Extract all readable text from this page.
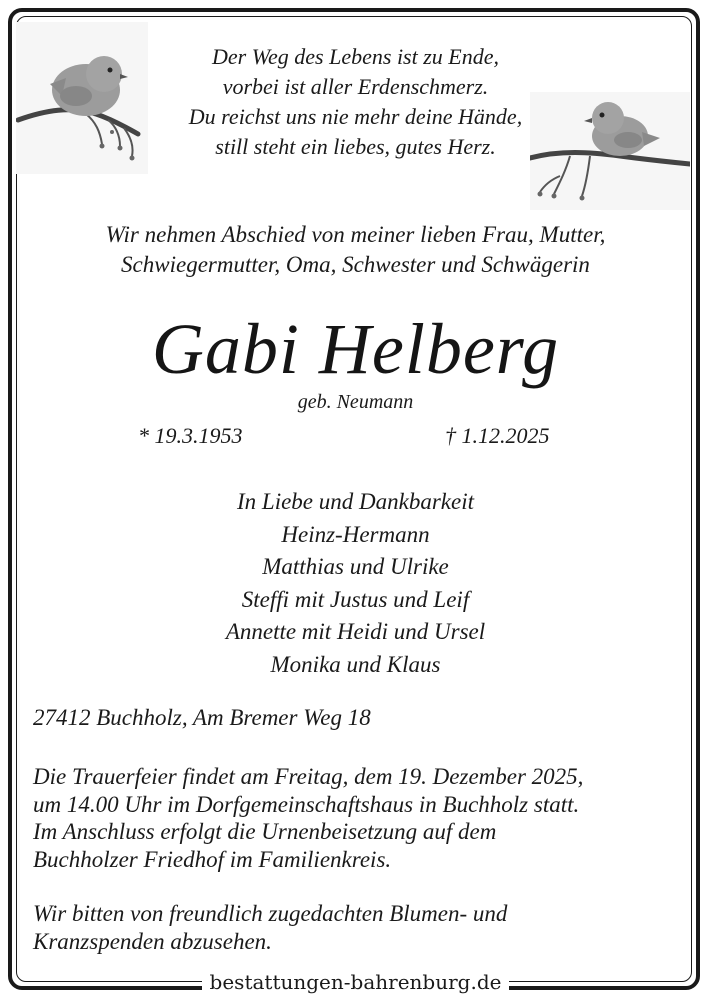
Der Weg des Lebens ist zu Ende,
vorbei ist aller Erdenschmerz.
Du reichst uns nie mehr deine Hände,
still steht ein liebes, gutes Herz.
Wir nehmen Abschied von meiner lieben Frau, Mutter,
Schwiegermutter, Oma, Schwester und Schwägerin
Gabi Helberg
geb. Neumann
* 19.3.1953	† 1.12.2025
In Liebe und Dankbarkeit
Heinz-Hermann
Matthias und Ulrike
Steffi mit Justus und Leif
Annette mit Heidi und Ursel
Monika und Klaus
27412 Buchholz, Am Bremer Weg 18
Die Trauerfeier findet am Freitag, dem 19. Dezember 2025,
um 14.00 Uhr im Dorfgemeinschaftshaus in Buchholz statt.
Im Anschluss erfolgt die Urnenbeisetzung auf dem
Buchholzer Friedhof im Familienkreis.
Wir bitten von freundlich zugedachten Blumen- und
Kranzspenden abzusehen.
bestattungen-bahrenburg.de
